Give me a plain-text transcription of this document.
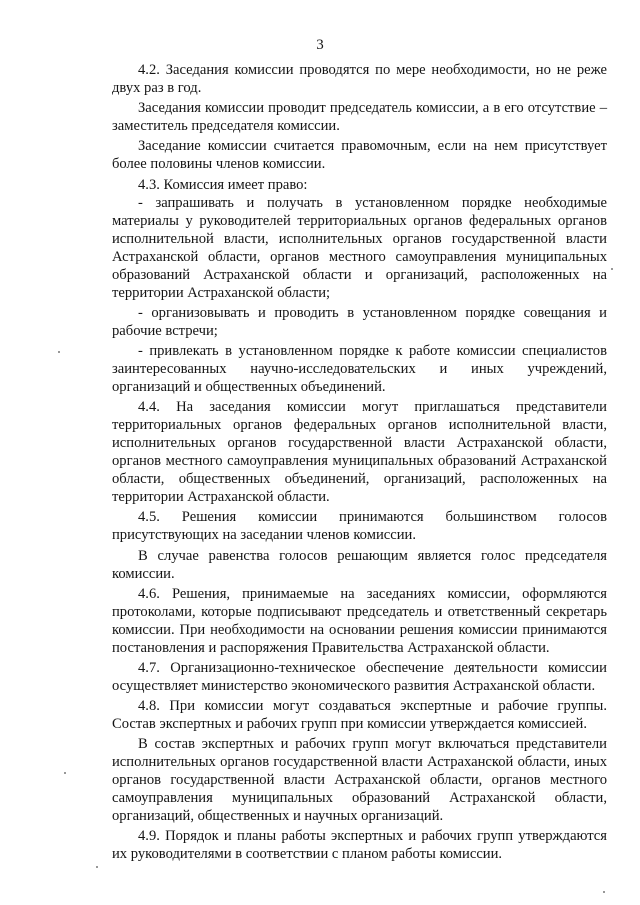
3

4.2. Заседания комиссии проводятся по мере необходимости, но не реже двух раз в год.

Заседания комиссии проводит председатель комиссии, а в его отсутствие – заместитель председателя комиссии.

Заседание комиссии считается правомочным, если на нем присутствует более половины членов комиссии.

4.3. Комиссия имеет право:

- запрашивать и получать в установленном порядке необходимые материалы у руководителей территориальных органов федеральных органов исполнительной власти, исполнительных органов государственной власти Астраханской области, органов местного самоуправления муниципальных образований Астраханской области и организаций, расположенных на территории Астраханской области;

- организовывать и проводить в установленном порядке совещания и рабочие встречи;

- привлекать в установленном порядке к работе комиссии специалистов заинтересованных научно-исследовательских и иных учреждений, организаций и общественных объединений.

4.4. На заседания комиссии могут приглашаться представители территориальных органов федеральных органов исполнительной власти, исполнительных органов государственной власти Астраханской области, органов местного самоуправления муниципальных образований Астраханской области, общественных объединений, организаций, расположенных на территории Астраханской области.

4.5. Решения комиссии принимаются большинством голосов присутствующих на заседании членов комиссии.

В случае равенства голосов решающим является голос председателя комиссии.

4.6. Решения, принимаемые на заседаниях комиссии, оформляются протоколами, которые подписывают председатель и ответственный секретарь комиссии. При необходимости на основании решения комиссии принимаются постановления и распоряжения Правительства Астраханской области.

4.7. Организационно-техническое обеспечение деятельности комиссии осуществляет министерство экономического развития Астраханской области.

4.8. При комиссии могут создаваться экспертные и рабочие группы. Состав экспертных и рабочих групп при комиссии утверждается комиссией.

В состав экспертных и рабочих групп могут включаться представители исполнительных органов государственной власти Астраханской области, иных органов государственной власти Астраханской области, органов местного самоуправления муниципальных образований Астраханской области, организаций, общественных и научных организаций.

4.9. Порядок и планы работы экспертных и рабочих групп утверждаются их руководителями в соответствии с планом работы комиссии.
